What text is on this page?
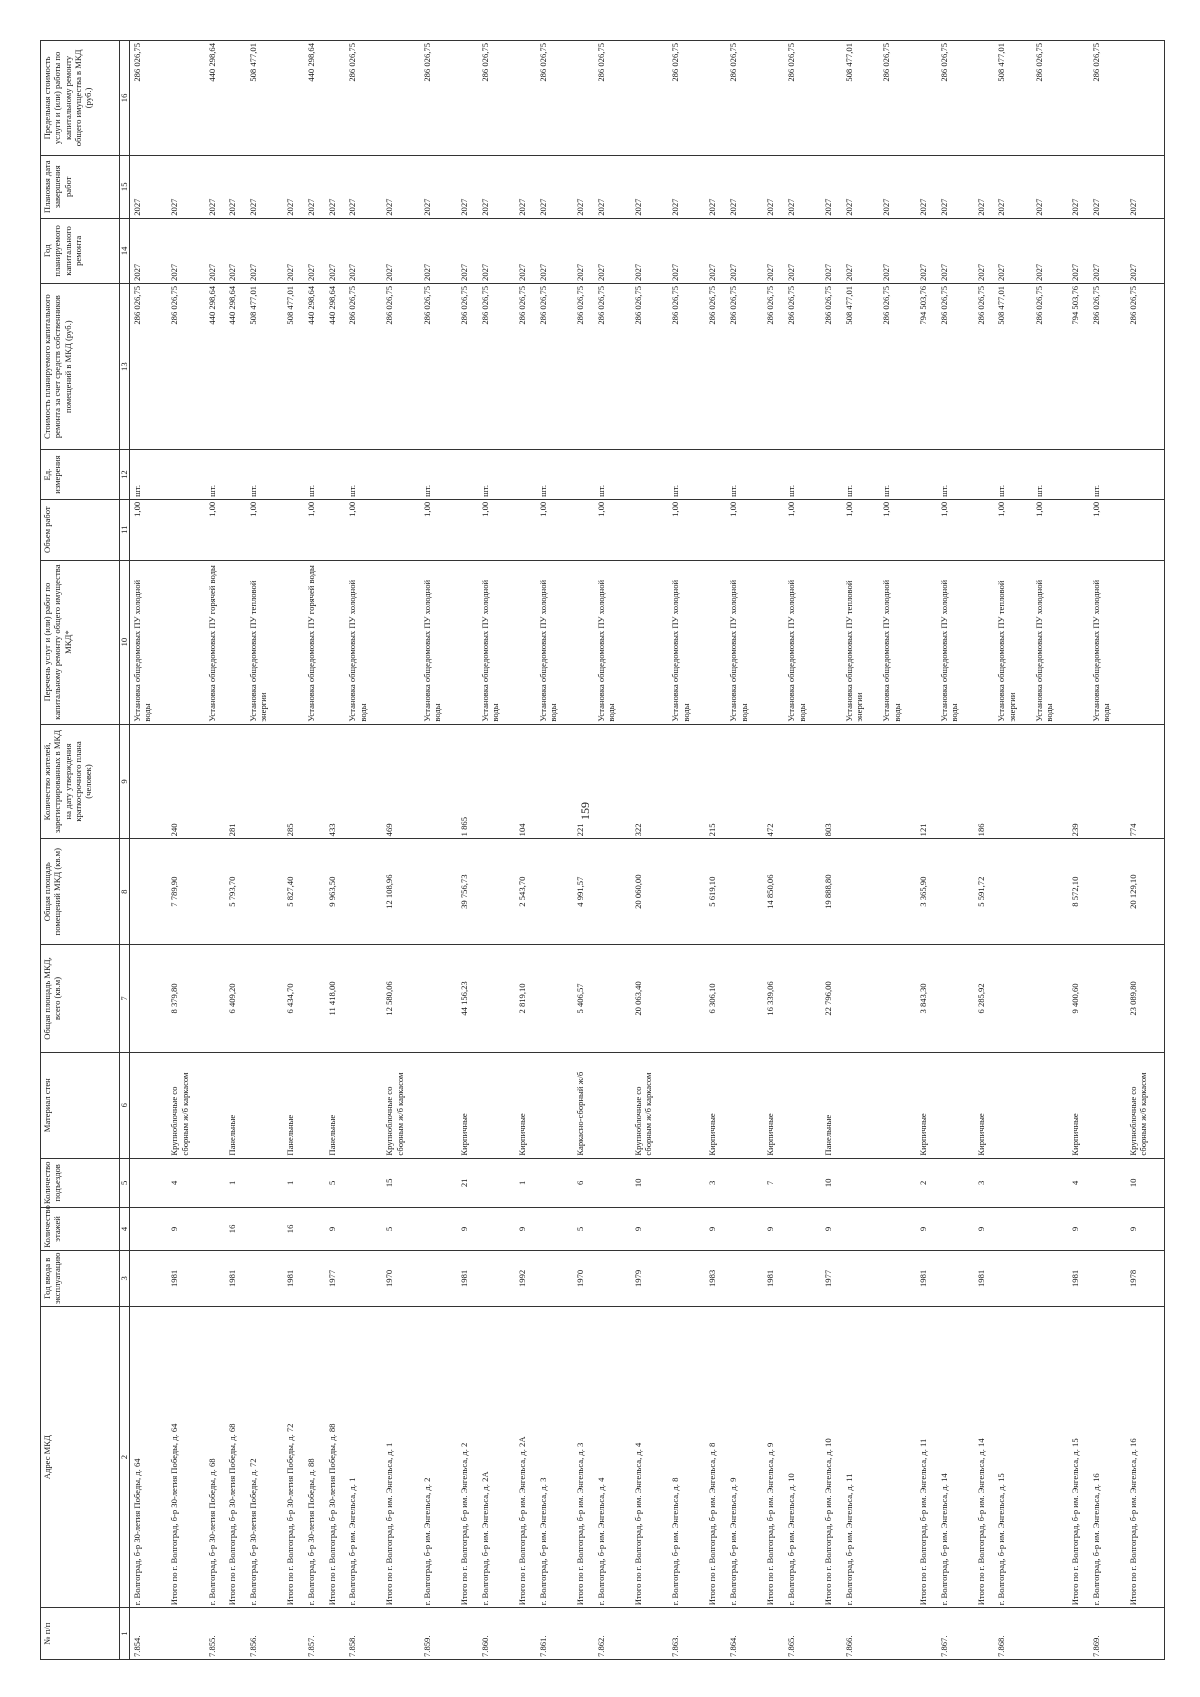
159
№ п/п	Адрес МКД	Год ввода в эксплуатацию	Количество этажей	Количество подъездов	Материал стен	Общая площадь МКД, всего (кв.м)	Общая площадь помещений МКД (кв.м)	Количество жителей, зарегистрированных в МКД на дату утверждения краткосрочного плана (человек)	Перечень услуг и (или) работ по капитальному ремонту общего имущества МКД*	Объем работ	Ед. измерения	Стоимость планируемого капитального ремонта за счет средств собственников помещений в МКД (руб.)	Год планируемого капитального ремонта	Плановая дата завершения работ	Предельная стоимость услуги и (или) работы по капитальному ремонту общего имущества в МКД (руб.)
1	2	3	4	5	6	7	8	9	10	11	12	13	14	15	16
7.854.	г. Волгоград, б-р 30-летия Победы, д. 64								Установка общедомовых ПУ холодной воды	1,00	шт.	286 026,75	2027	2027	286 026,75
	Итого по г. Волгоград, б-р 30-летия Победы, д. 64	1981	9	4	Крупноблочные со сборным ж/б каркасом	8 379,80	7 789,90	240				286 026,75	2027	2027	
7.855.	г. Волгоград, б-р 30-летия Победы, д. 68								Установка общедомовых ПУ горячей воды	1,00	шт.	440 298,64	2027	2027	440 298,64
	Итого по г. Волгоград, б-р 30-летия Победы, д. 68	1981	16	1	Панельные	6 409,20	5 793,70	281				440 298,64	2027	2027	
7.856.	г. Волгоград, б-р 30-летия Победы, д. 72								Установка общедомовых ПУ тепловой энергии	1,00	шт.	508 477,01	2027	2027	508 477,01
	Итого по г. Волгоград, б-р 30-летия Победы, д. 72	1981	16	1	Панельные	6 434,70	5 827,40	285				508 477,01	2027	2027	
7.857.	г. Волгоград, б-р 30-летия Победы, д. 88								Установка общедомовых ПУ горячей воды	1,00	шт.	440 298,64	2027	2027	440 298,64
	Итого по г. Волгоград, б-р 30-летия Победы, д. 88	1977	9	5	Панельные	11 418,00	9 963,50	433				440 298,64	2027	2027	
7.858.	г. Волгоград, б-р им. Энгельса, д. 1								Установка общедомовых ПУ холодной воды	1,00	шт.	286 026,75	2027	2027	286 026,75
	Итого по г. Волгоград, б-р им. Энгельса, д. 1	1970	5	15	Крупноблочные со сборным ж/б каркасом	12 580,06	12 108,96	469				286 026,75	2027	2027	
7.859.	г. Волгоград, б-р им. Энгельса, д. 2								Установка общедомовых ПУ холодной воды	1,00	шт.	286 026,75	2027	2027	286 026,75
	Итого по г. Волгоград, б-р им. Энгельса, д. 2	1981	9	21	Кирпичные	44 156,23	39 756,73	1 865				286 026,75	2027	2027	
7.860.	г. Волгоград, б-р им. Энгельса, д. 2А								Установка общедомовых ПУ холодной воды	1,00	шт.	286 026,75	2027	2027	286 026,75
	Итого по г. Волгоград, б-р им. Энгельса, д. 2А	1992	9	1	Кирпичные	2 819,10	2 543,70	104				286 026,75	2027	2027	
7.861.	г. Волгоград, б-р им. Энгельса, д. 3								Установка общедомовых ПУ холодной воды	1,00	шт.	286 026,75	2027	2027	286 026,75
	Итого по г. Волгоград, б-р им. Энгельса, д. 3	1970	5	6	Каркасно-сборный ж/б	5 406,57	4 991,57	221				286 026,75	2027	2027	
7.862.	г. Волгоград, б-р им. Энгельса, д. 4								Установка общедомовых ПУ холодной воды	1,00	шт.	286 026,75	2027	2027	286 026,75
	Итого по г. Волгоград, б-р им. Энгельса, д. 4	1979	9	10	Крупноблочные со сборным ж/б каркасом	20 063,40	20 060,00	322				286 026,75	2027	2027	
7.863.	г. Волгоград, б-р им. Энгельса, д. 8								Установка общедомовых ПУ холодной воды	1,00	шт.	286 026,75	2027	2027	286 026,75
	Итого по г. Волгоград, б-р им. Энгельса, д. 8	1983	9	3	Кирпичные	6 306,10	5 619,10	215				286 026,75	2027	2027	
7.864.	г. Волгоград, б-р им. Энгельса, д. 9								Установка общедомовых ПУ холодной воды	1,00	шт.	286 026,75	2027	2027	286 026,75
	Итого по г. Волгоград, б-р им. Энгельса, д. 9	1981	9	7	Кирпичные	16 339,06	14 850,06	472				286 026,75	2027	2027	
7.865.	г. Волгоград, б-р им. Энгельса, д. 10								Установка общедомовых ПУ холодной воды	1,00	шт.	286 026,75	2027	2027	286 026,75
	Итого по г. Волгоград, б-р им. Энгельса, д. 10	1977	9	10	Панельные	22 796,00	19 888,80	803				286 026,75	2027	2027	
7.866.	г. Волгоград, б-р им. Энгельса, д. 11								Установка общедомовых ПУ тепловой энергии	1,00	шт.	508 477,01	2027	2027	508 477,01
									Установка общедомовых ПУ холодной воды	1,00	шт.	286 026,75	2027	2027	286 026,75
	Итого по г. Волгоград, б-р им. Энгельса, д. 11	1981	9	2	Кирпичные	3 843,30	3 365,90	121				794 503,76	2027	2027	
7.867.	г. Волгоград, б-р им. Энгельса, д. 14								Установка общедомовых ПУ холодной воды	1,00	шт.	286 026,75	2027	2027	286 026,75
	Итого по г. Волгоград, б-р им. Энгельса, д. 14	1981	9	3	Кирпичные	6 285,92	5 591,72	186				286 026,75	2027	2027	
7.868.	г. Волгоград, б-р им. Энгельса, д. 15								Установка общедомовых ПУ тепловой энергии	1,00	шт.	508 477,01	2027	2027	508 477,01
									Установка общедомовых ПУ холодной воды	1,00	шт.	286 026,75	2027	2027	286 026,75
	Итого по г. Волгоград, б-р им. Энгельса, д. 15	1981	9	4	Кирпичные	9 400,60	8 572,10	239				794 503,76	2027	2027	
7.869.	г. Волгоград, б-р им. Энгельса, д. 16								Установка общедомовых ПУ холодной воды	1,00	шт.	286 026,75	2027	2027	286 026,75
	Итого по г. Волгоград, б-р им. Энгельса, д. 16	1978	9	10	Крупноблочные со сборным ж/б каркасом	23 089,80	20 129,10	774				286 026,75	2027	2027	
